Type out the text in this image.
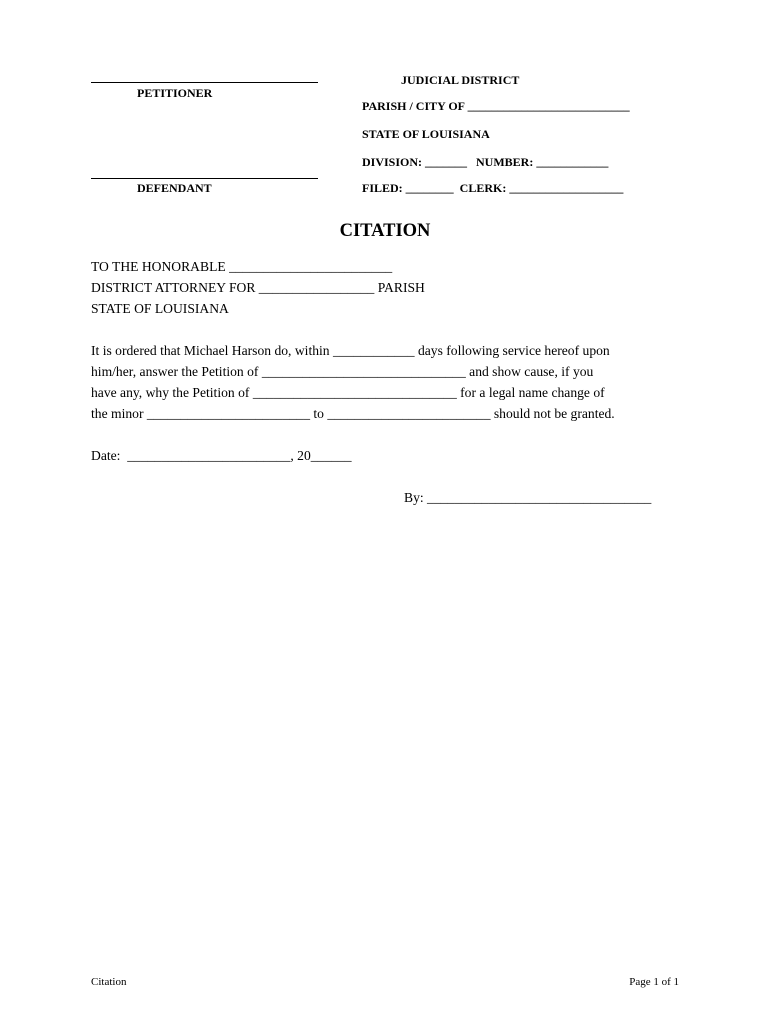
PETITIONER
DEFENDANT
JUDICIAL DISTRICT
PARISH / CITY OF ___________________________
STATE OF LOUISIANA
DIVISION: _______   NUMBER: ____________
FILED: ________  CLERK: ___________________
CITATION
TO THE HONORABLE ________________________
DISTRICT ATTORNEY FOR _________________ PARISH
STATE OF LOUISIANA
It is ordered that Michael Harson do, within ____________ days following service hereof upon
him/her, answer the Petition of ______________________________ and show cause, if you
have any, why the Petition of ______________________________ for a legal name change of
the minor ________________________ to ________________________ should not be granted.
Date:  ________________________, 20______
By: _________________________________
Citation	Page 1 of 1
